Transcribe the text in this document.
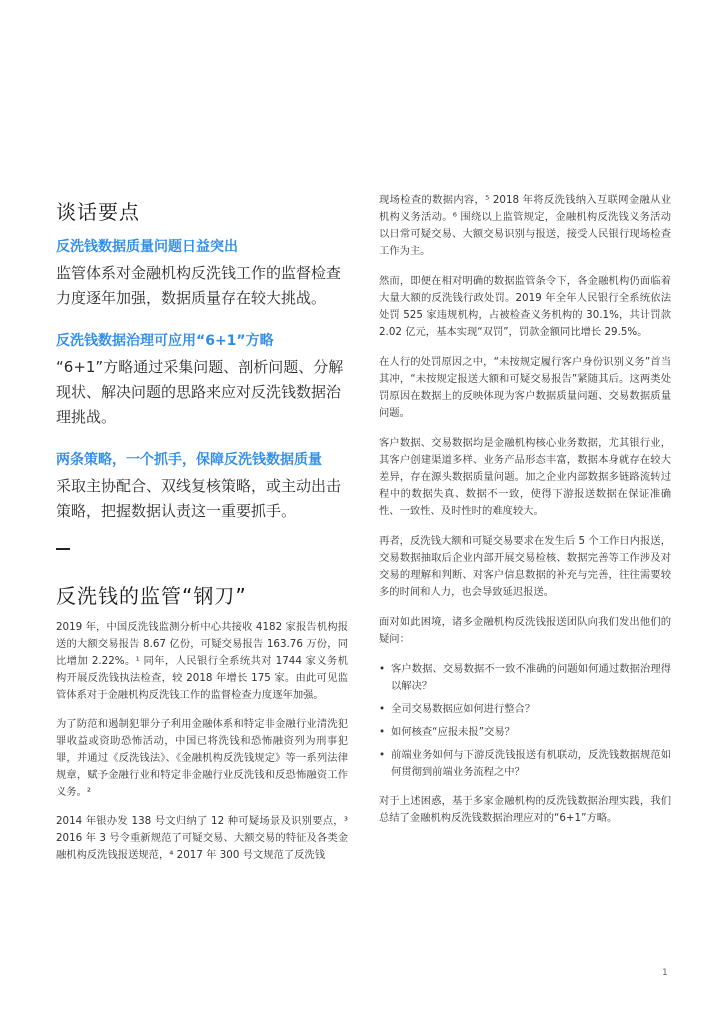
谈话要点

反洗钱数据质量问题日益突出

监管体系对金融机构反洗钱工作的监督检查力度逐年加强，数据质量存在较大挑战。

反洗钱数据治理可应用“6+1”方略

“6+1”方略通过采集问题、剖析问题、分解现状、解决问题的思路来应对反洗钱数据治理挑战。

两条策略，一个抓手，保障反洗钱数据质量

采取主协配合、双线复核策略，或主动出击策略，把握数据认责这一重要抓手。

反洗钱的监管“钢刀”

2019 年，中国反洗钱监测分析中心共接收 4182 家报告机构报送的大额交易报告 8.67 亿份，可疑交易报告 163.76 万份，同比增加 2.22%。¹ 同年，人民银行全系统共对 1744 家义务机构开展反洗钱执法检查，较 2018 年增长 175 家。由此可见监管体系对于金融机构反洗钱工作的监督检查力度逐年加强。

为了防范和遏制犯罪分子利用金融体系和特定非金融行业清洗犯罪收益或资助恐怖活动，中国已将洗钱和恐怖融资列为刑事犯罪，并通过《反洗钱法》、《金融机构反洗钱规定》等一系列法律规章，赋予金融行业和特定非金融行业反洗钱和反恐怖融资工作义务。²

2014 年银办发 138 号文归纳了 12 种可疑场景及识别要点，³ 2016 年 3 号令重新规范了可疑交易、大额交易的特征及各类金融机构反洗钱报送规范，⁴ 2017 年 300 号文规范了反洗钱

现场检查的数据内容，⁵ 2018 年将反洗钱纳入互联网金融从业机构义务活动。⁶ 围绕以上监管规定，金融机构反洗钱义务活动以日常可疑交易、大额交易识别与报送，接受人民银行现场检查工作为主。

然而，即便在相对明确的数据监管条令下，各金融机构仍面临着大量大额的反洗钱行政处罚。2019 年全年人民银行全系统依法处罚 525 家违规机构，占被检查义务机构的 30.1%，共计罚款 2.02 亿元，基本实现“双罚”，罚款金额同比增长 29.5%。

在人行的处罚原因之中，“未按规定履行客户身份识别义务”首当其冲，“未按规定报送大额和可疑交易报告”紧随其后。这两类处罚原因在数据上的反映体现为客户数据质量问题、交易数据质量问题。

客户数据、交易数据均是金融机构核心业务数据，尤其银行业，其客户创建渠道多样、业务产品形态丰富，数据本身就存在较大差异，存在源头数据质量问题。加之企业内部数据多链路流转过程中的数据失真、数据不一致，使得下游报送数据在保证准确性、一致性、及时性时的难度较大。

再者，反洗钱大额和可疑交易要求在发生后 5 个工作日内报送，交易数据抽取后企业内部开展交易检核、数据完善等工作涉及对交易的理解和判断、对客户信息数据的补充与完善，往往需要较多的时间和人力，也会导致延迟报送。

面对如此困境，诸多金融机构反洗钱报送团队向我们发出他们的疑问：

• 客户数据、交易数据不一致不准确的问题如何通过数据治理得以解决？
• 全司交易数据应如何进行整合？
• 如何核查“应报未报”交易？
• 前端业务如何与下游反洗钱报送有机联动，反洗钱数据规范如何贯彻到前端业务流程之中？

对于上述困惑，基于多家金融机构的反洗钱数据治理实践，我们总结了金融机构反洗钱数据治理应对的“6+1”方略。

1
